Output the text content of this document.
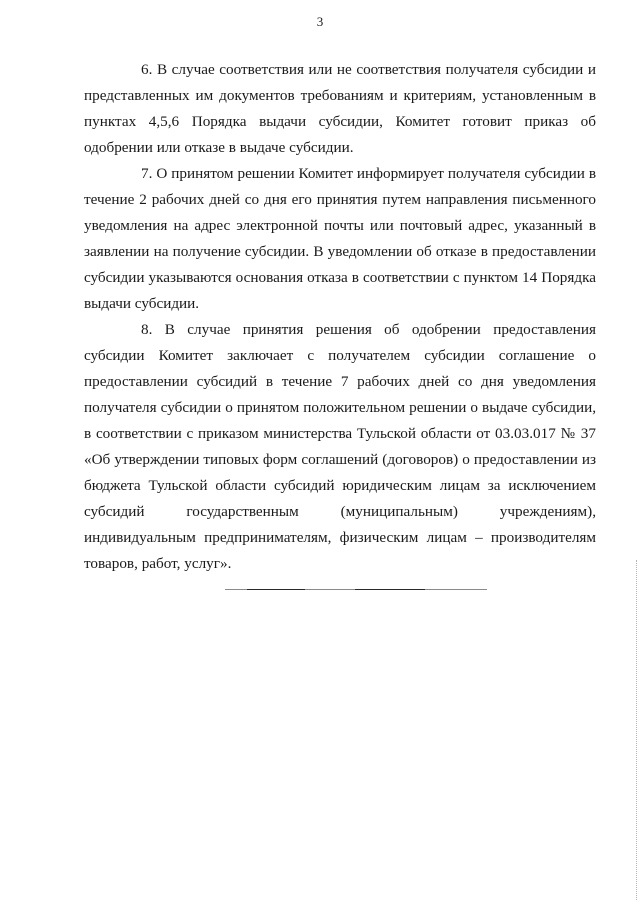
3

6. В случае соответствия или не соответствия получателя субсидии и представленных им документов требованиям и критериям, установленным в пунктах 4,5,6 Порядка выдачи субсидии, Комитет готовит приказ об одобрении или отказе в выдаче субсидии.

7. О принятом решении Комитет информирует получателя субсидии в течение 2 рабочих дней со дня его принятия путем направления письменного уведомления на адрес электронной почты или почтовый адрес, указанный в заявлении на получение субсидии. В уведомлении об отказе в предоставлении субсидии указываются основания отказа в соответствии с пунктом 14 Порядка выдачи субсидии.

8. В случае принятия решения об одобрении предоставления субсидии Комитет заключает с получателем субсидии соглашение о предоставлении субсидий в течение 7 рабочих дней со дня уведомления получателя субсидии о принятом положительном решении о выдаче субсидии, в соответствии с приказом министерства Тульской области от 03.03.017 № 37 «Об утверждении типовых форм соглашений (договоров) о предоставлении из бюджета Тульской области субсидий юридическим лицам за исключением субсидий государственным (муниципальным) учреждениям), индивидуальным предпринимателям, физическим лицам – производителям товаров, работ, услуг».
